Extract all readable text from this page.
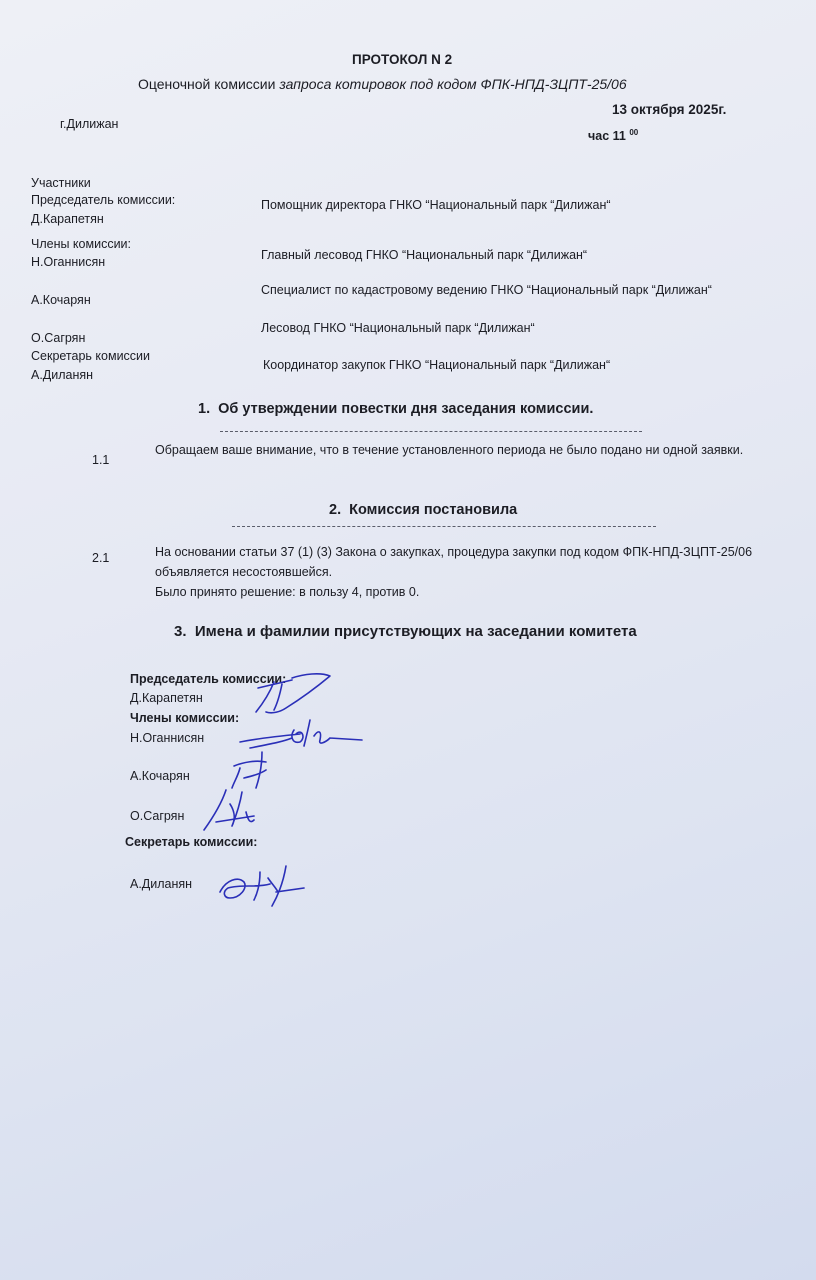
ПРОТОКОЛ N 2
Оценочной комиссии запроса котировок под кодом ФПК-НПД-ЗЦПТ-25/06
г.Дилижан
13 октября 2025г.
час 11 $^{00}$
Участники
Председатель комиссии:
Д.Карапетян
Помощник директора ГНКО “Национальный парк “Дилижан“
Члены комиссии:
Н.Оганнисян	Главный лесовод ГНКО “Национальный парк “Дилижан“
А.Кочарян
Специалист по кадастровому ведению ГНКО “Национальный парк “Дилижан“
О.Сагрян
Лесовод ГНКО “Национальный парк “Дилижан“
Секретарь комиссии
А.Диланян
Координатор закупок ГНКО “Национальный парк “Дилижан“
1. Об утверждении повестки дня заседания комиссии.
1.1
Обращаем ваше внимание, что в течение установленного периода не было подано ни одной заявки.
2. Комиссия постановила
2.1	На основании статьи 37 (1) (3) Закона о закупках, процедура закупки под кодом ФПК-НПД-ЗЦПТ-25/06 объявляется несостоявшейся.
Было принято решение: в пользу 4, против 0.
3. Имена и фамилии присутствующих на заседании комитета
Председатель комиссии:
Д.Карапетян
Члены комиссии:
Н.Оганнисян
А.Кочарян
О.Сагрян
Секретарь комиссии:
А.Диланян
